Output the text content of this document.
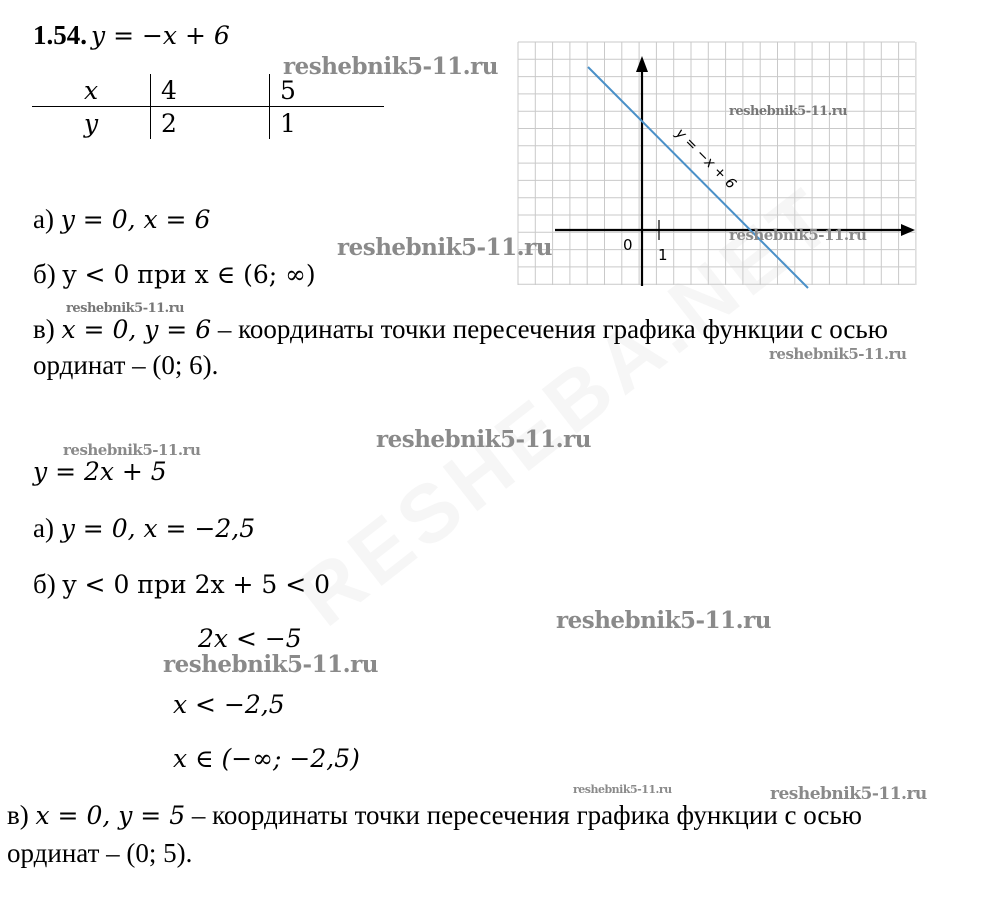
1.54. y = −x + 6
x	4	5
y	2	1
0
1
y = −x + 6
а) y = 0, x = 6
б) y < 0 при x ∈ (6; ∞)
в) x = 0, y = 6 – координаты точки пересечения графика функции с осью
ординат – (0; 6).
y = 2x + 5
а) y = 0, x = −2,5
б) y < 0 при 2x + 5 < 0
2x < −5
x < −2,5
x ∈ (−∞; −2,5)
в) x = 0, y = 5 – координаты точки пересечения графика функции с осью
ординат – (0; 5).
reshebnik5-11.ru
reshebnik5-11.ru
reshebnik5-11.ru	reshebnik5-11.ru
reshebnik5-11.ru
reshebnik5-11.ru
reshebnik5-11.ru
reshebnik5-11.ru
reshebnik5-11.ru
reshebnik5-11.ru
reshebnik5-11.ru	reshebnik5-11.ru
